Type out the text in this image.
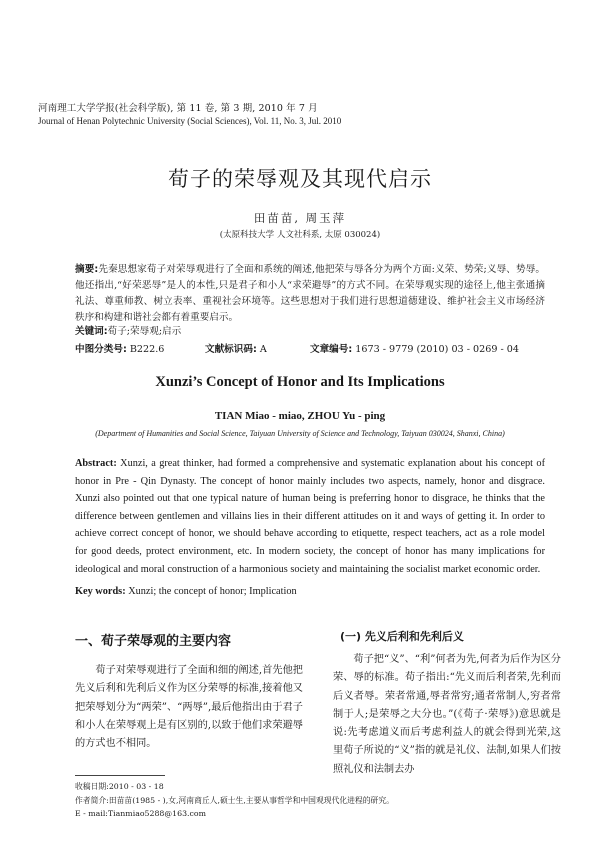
河南理工大学学报(社会科学版), 第 11 卷, 第 3 期, 2010 年 7 月
Journal of Henan Polytechnic University (Social Sciences), Vol. 11, No. 3, Jul. 2010
荀子的荣辱观及其现代启示
田苗苗, 周玉萍
(太原科技大学 人文社科系, 太原 030024)
摘要:先秦思想家荀子对荣辱观进行了全面和系统的阐述,他把荣与辱各分为两个方面:义荣、势荣;义辱、势辱。他还指出,“好荣恶辱”是人的本性,只是君子和小人“求荣避辱”的方式不同。在荣辱观实现的途径上,他主张通摘礼法、尊重师教、树立表率、重视社会环境等。这些思想对于我们进行思想道德建设、维护社会主义市场经济秩序和构建和谐社会都有着重要启示。
关键词:荀子;荣辱观;启示
中图分类号: B222.6	文献标识码: A	文章编号: 1673 - 9779 (2010) 03 - 0269 - 04
Xunzi’s Concept of Honor and Its Implications
TIAN Miao - miao, ZHOU Yu - ping
(Department of Humanities and Social Science, Taiyuan University of Science and Technology, Taiyuan 030024, Shanxi, China)
Abstract: Xunzi, a great thinker, had formed a comprehensive and systematic explanation about his concept of honor in Pre - Qin Dynasty. The concept of honor mainly includes two aspects, namely, honor and disgrace. Xunzi also pointed out that one typical nature of human being is preferring honor to disgrace, he thinks that the difference between gentlemen and villains lies in their different attitudes on it and ways of getting it. In order to achieve correct concept of honor, we should behave according to etiquette, respect teachers, act as a role model for good deeds, protect environment, etc. In modern society, the concept of honor has many implications for ideological and moral construction of a harmonious society and maintaining the socialist market economic order.
Key words: Xunzi; the concept of honor; Implication
一、荀子荣辱观的主要内容
荀子对荣辱观进行了全面和细的阐述,首先他把先义后利和先利后义作为区分荣辱的标准,接着他又把荣辱划分为“两荣”、“两辱”,最后他指出由于君子和小人在荣辱观上是有区别的,以致于他们求荣避辱的方式也不相同。
(一) 先义后利和先利后义
荀子把“义”、“利”何者为先,何者为后作为区分荣、辱的标准。荀子指出:“先义而后利者荣,先利而后义者辱。荣者常通,辱者常穷;通者常制人,穷者常制于人;是荣辱之大分也。”(《荀子·荣辱》)意思就是说:先考虑道义而后考虑利益人的就会得到光荣,这里荀子所说的“义”指的就是礼仪、法制,如果人们按照礼仪和法制去办
收稿日期:2010 - 03 - 18
作者简介:田苗苗(1985 - ),女,河南商丘人,硕士生,主要从事哲学和中国观现代化进程的研究。
E - mail:Tianmiao5288@163.com
